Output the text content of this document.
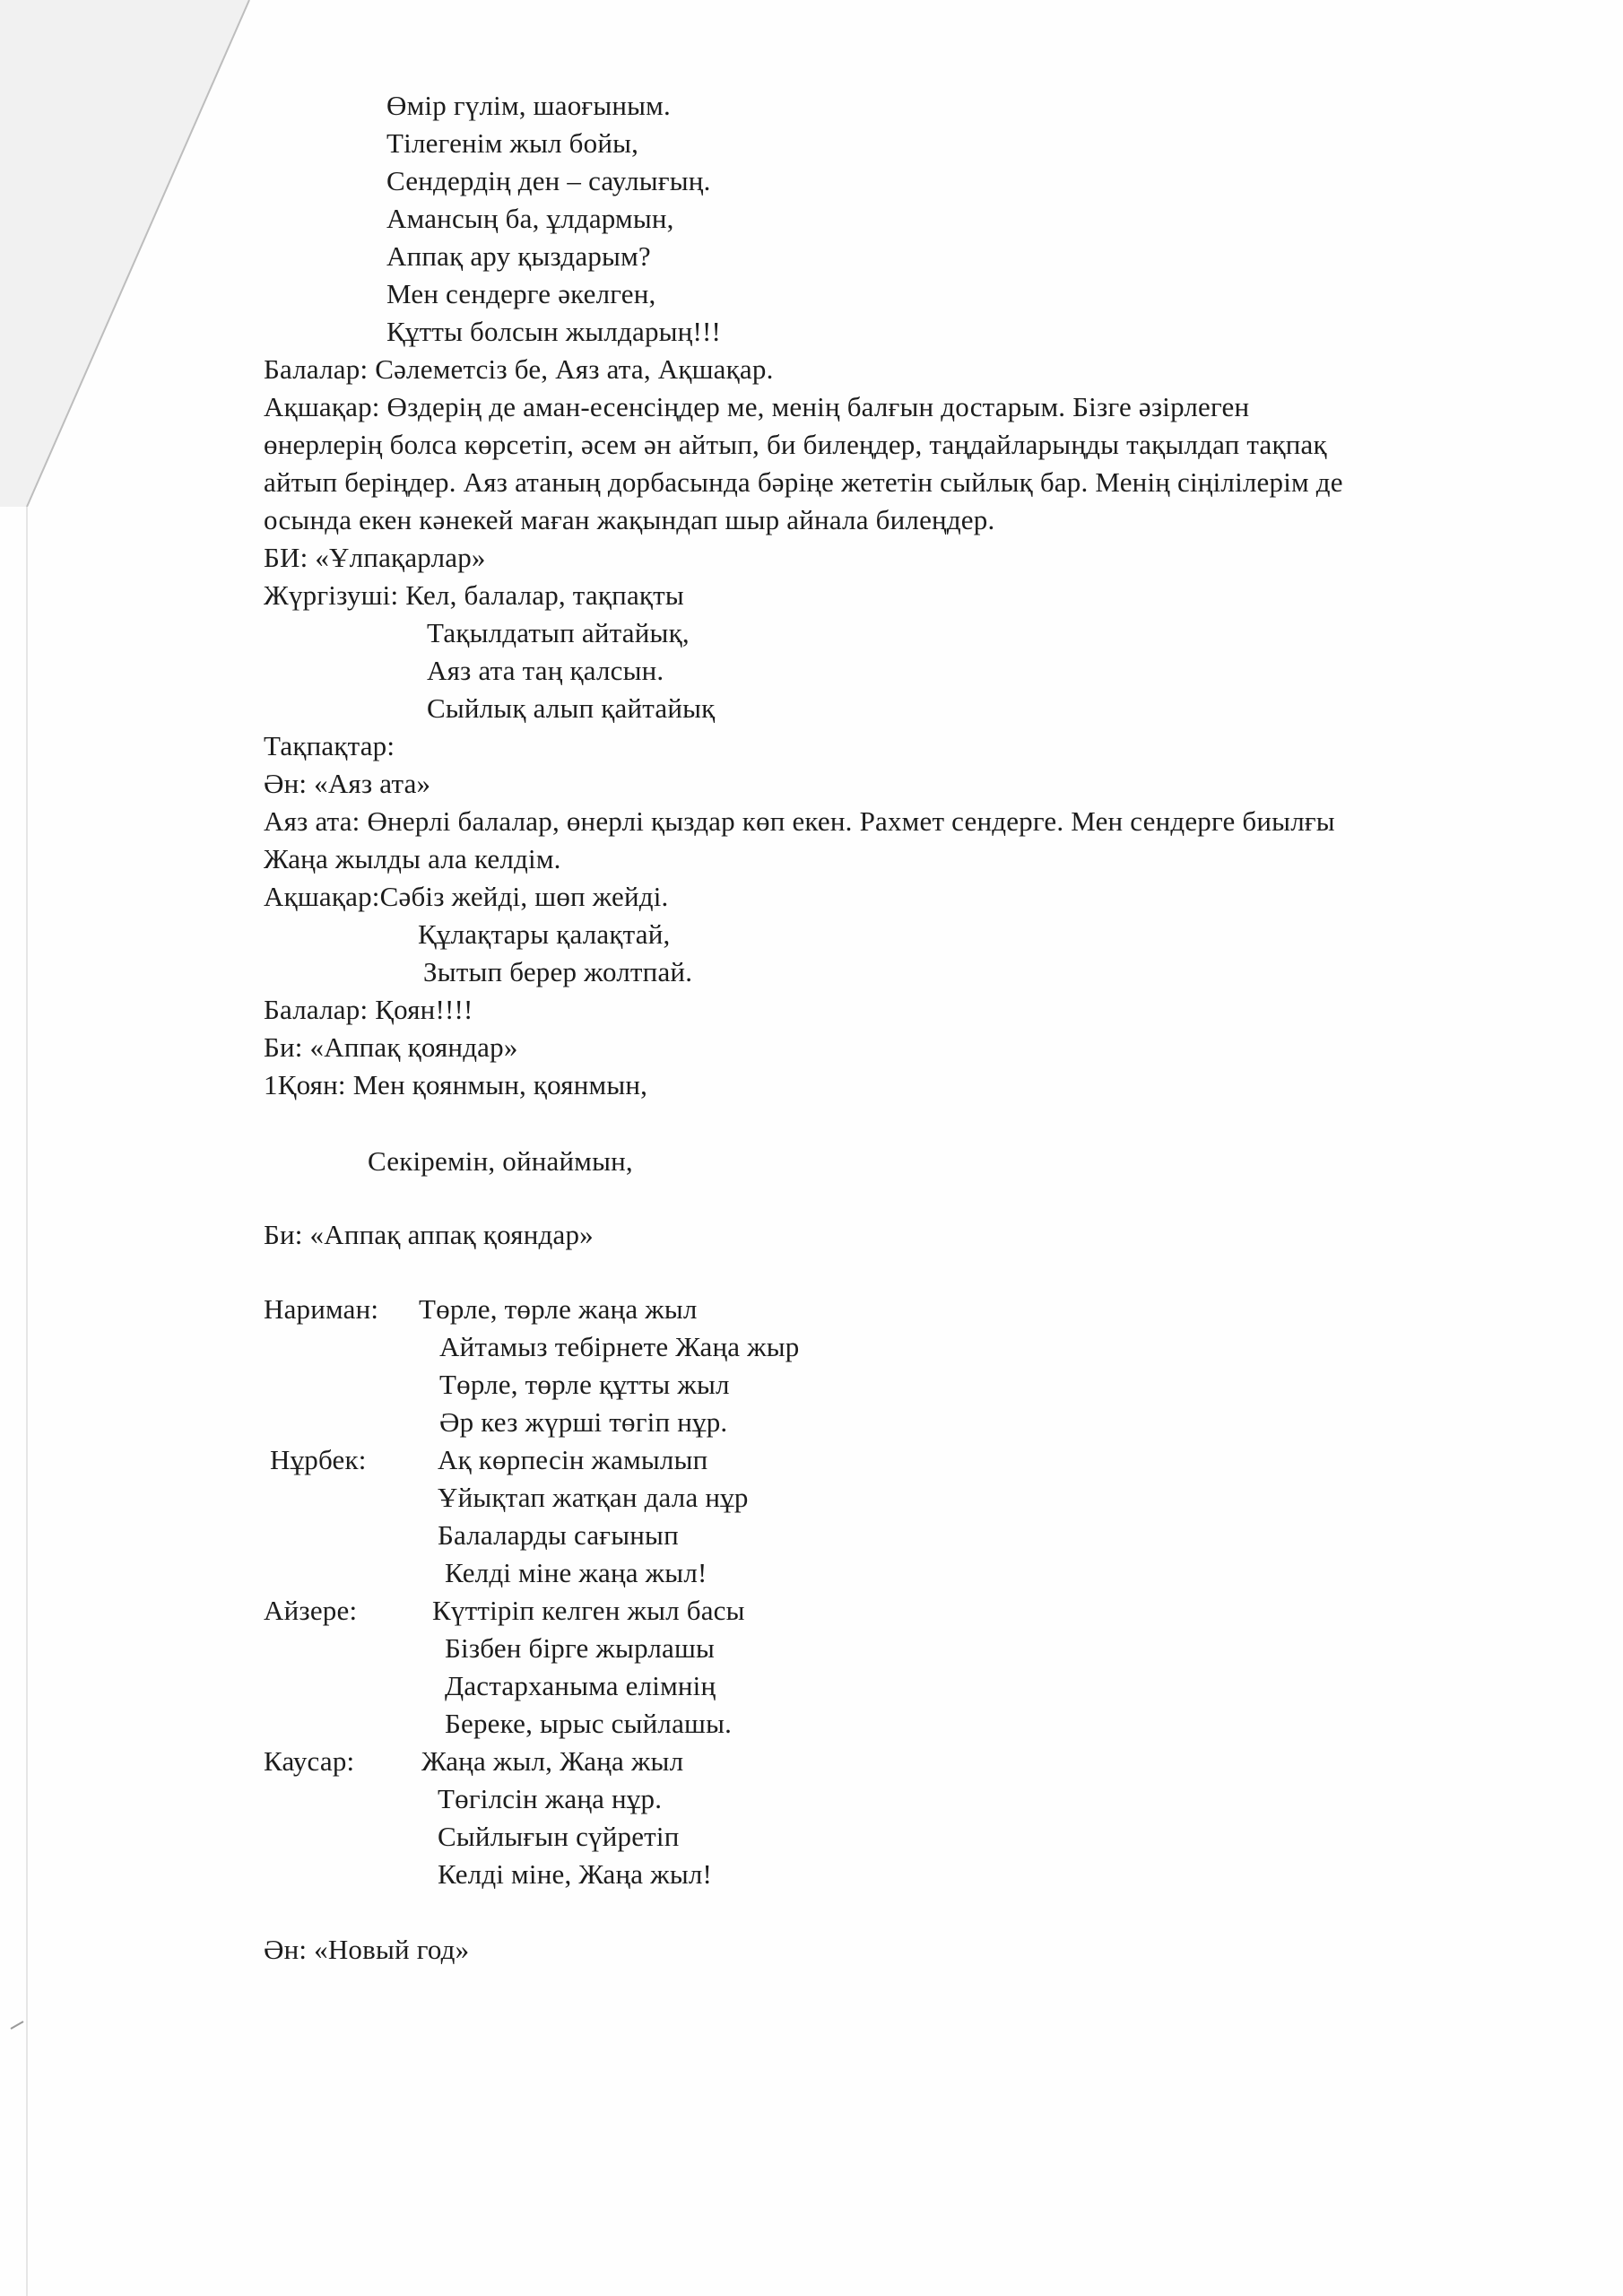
Өмір гүлім, шаоғыным.
Тілегенім жыл бойы,
Сендердің ден – саулығың.
Амансың ба, ұлдармын,
Аппақ ару қыздарым?
Мен сендерге әкелген,
Құтты болсын жылдарың!!!
Балалар: Сәлеметсіз бе, Аяз ата, Ақшақар.
Ақшақар: Өздерің де аман-есенсіңдер ме, менің балғын достарым. Бізге әзірлеген
өнерлерің болса көрсетіп, әсем ән айтып, би билеңдер, таңдайларыңды тақылдап тақпақ
айтып беріңдер. Аяз атаның дорбасында бәріңе жететін сыйлық бар. Менің сіңілілерім де
осында екен кәнекей маған жақындап шыр айнала билеңдер.
БИ: «Ұлпақарлар»
Жүргізуші: Кел, балалар, тақпақты
Тақылдатып айтайық,
Аяз ата таң қалсын.
Сыйлық алып қайтайық
Тақпақтар:
Ән: «Аяз ата»
Аяз ата: Өнерлі балалар, өнерлі қыздар көп екен. Рахмет сендерге. Мен сендерге биылғы
Жаңа жылды ала келдім.
Ақшақар:Сәбіз жейді, шөп жейді.
Құлақтары қалақтай,
Зытып берер жолтпай.
Балалар: Қоян!!!!
Би: «Аппақ қояндар»
1Қоян: Мен қоянмын, қоянмын,
Секіремін, ойнаймын,
Би: «Аппақ аппақ қояндар»
Нариман: Төрле, төрле жаңа жыл
Айтамыз тебірнете Жаңа жыр
Төрле, төрле құтты жыл
Әр кез жүрші төгіп нұр.
Нұрбек:	Ақ көрпесін жамылып
Ұйықтап жатқан дала нұр
Балаларды сағынып
Келді міне жаңа жыл!
Айзере:	Күттіріп келген жыл басы
Бізбен бірге жырлашы
Дастарханыма елімнің
Береке, ырыс сыйлашы.
Каусар: Жаңа жыл, Жаңа жыл
Төгілсін жаңа нұр.
Сыйлығын сүйретіп
Келді міне, Жаңа жыл!
Ән: «Новый год»
